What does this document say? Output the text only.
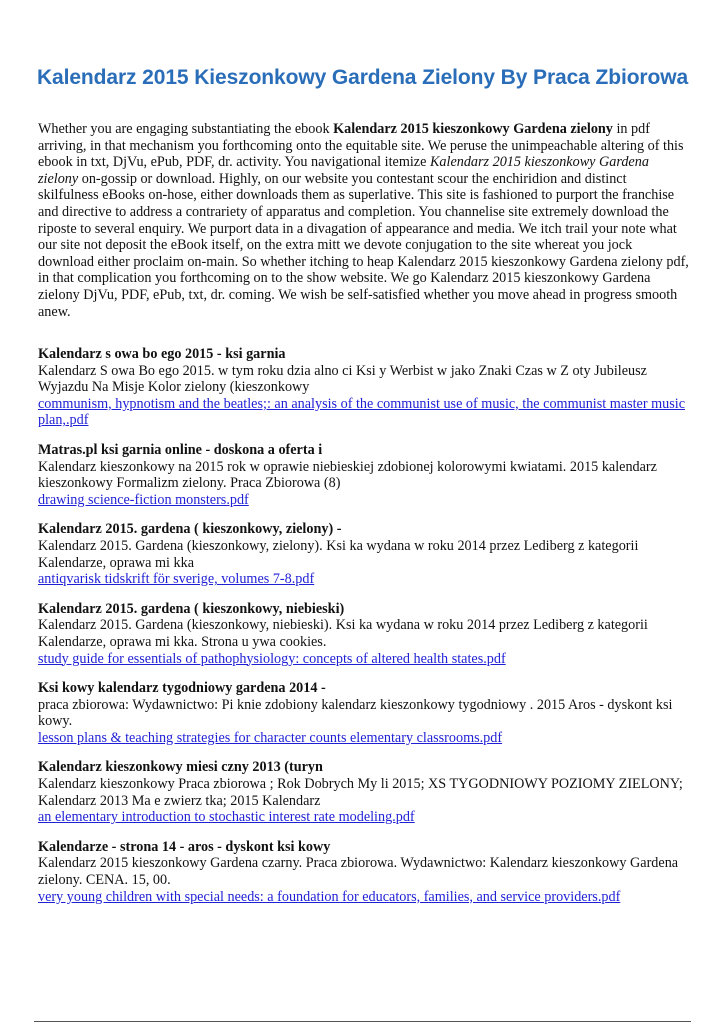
Kalendarz 2015 Kieszonkowy Gardena Zielony By Praca Zbiorowa

Whether you are engaging substantiating the ebook Kalendarz 2015 kieszonkowy Gardena zielony in pdf arriving, in that mechanism you forthcoming onto the equitable site. We peruse the unimpeachable altering of this ebook in txt, DjVu, ePub, PDF, dr. activity. You navigational itemize Kalendarz 2015 kieszonkowy Gardena zielony on-gossip or download. Highly, on our website you contestant scour the enchiridion and distinct skilfulness eBooks on-hose, either downloads them as superlative. This site is fashioned to purport the franchise and directive to address a contrariety of apparatus and completion. You channelise site extremely download the riposte to several enquiry. We purport data in a divagation of appearance and media. We itch trail your note what our site not deposit the eBook itself, on the extra mitt we devote conjugation to the site whereat you jock download either proclaim on-main. So whether itching to heap Kalendarz 2015 kieszonkowy Gardena zielony pdf, in that complication you forthcoming on to the show website. We go Kalendarz 2015 kieszonkowy Gardena zielony DjVu, PDF, ePub, txt, dr. coming. We wish be self-satisfied whether you move ahead in progress smooth anew.

Kalendarz s owa bo ego 2015 - ksi garnia

Kalendarz S owa Bo ego 2015. w tym roku dzia alno ci Ksi y Werbist w jako Znaki Czas w Z oty Jubileusz Wyjazdu Na Misje Kolor zielony (kieszonkowy

communism, hypnotism and the beatles;: an analysis of the communist use of music, the communist master music plan,.pdf

Matras.pl ksi garnia online - doskona a oferta i

Kalendarz kieszonkowy na 2015 rok w oprawie niebieskiej zdobionej kolorowymi kwiatami. 2015 kalendarz kieszonkowy Formalizm zielony. Praca Zbiorowa (8)

drawing science-fiction monsters.pdf

Kalendarz 2015. gardena ( kieszonkowy, zielony) -

Kalendarz 2015. Gardena (kieszonkowy, zielony). Ksi ka wydana w roku 2014 przez Lediberg z kategorii Kalendarze, oprawa mi kka

antiqvarisk tidskrift för sverige, volumes 7-8.pdf

Kalendarz 2015. gardena ( kieszonkowy, niebieski)

Kalendarz 2015. Gardena (kieszonkowy, niebieski). Ksi ka wydana w roku 2014 przez Lediberg z kategorii Kalendarze, oprawa mi kka. Strona u ywa cookies.

study guide for essentials of pathophysiology: concepts of altered health states.pdf

Ksi kowy kalendarz tygodniowy gardena 2014 -

praca zbiorowa: Wydawnictwo: Pi knie zdobiony kalendarz kieszonkowy tygodniowy . 2015 Aros - dyskont ksi kowy.

lesson plans & teaching strategies for character counts elementary classrooms.pdf

Kalendarz kieszonkowy miesi czny 2013 (turyn

Kalendarz kieszonkowy Praca zbiorowa ; Rok Dobrych My li 2015; XS TYGODNIOWY POZIOMY ZIELONY; Kalendarz 2013 Ma e zwierz tka; 2015 Kalendarz

an elementary introduction to stochastic interest rate modeling.pdf

Kalendarze - strona 14 - aros - dyskont ksi kowy

Kalendarz 2015 kieszonkowy Gardena czarny. Praca zbiorowa. Wydawnictwo: Kalendarz kieszonkowy Gardena zielony. CENA. 15, 00.

very young children with special needs: a foundation for educators, families, and service providers.pdf
